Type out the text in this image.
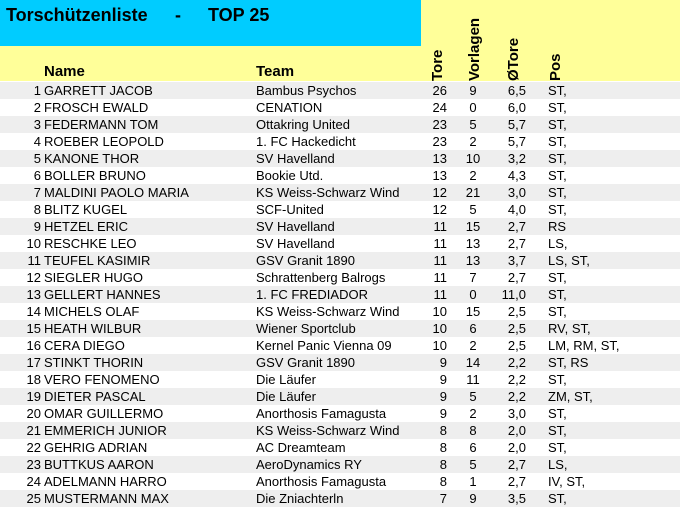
Torschützenliste - TOP 25
Name	Team	Tore Vorlagen ØTore Pos
1 GARRETT JACOB	Bambus Psychos	26	9	6,5 ST,
2 FROSCH EWALD	CENATION	24	0	6,0 ST,
3 FEDERMANN TOM	Ottakring United	23	5	5,7 ST,
4 ROEBER LEOPOLD	1. FC Hackedicht	23	2	5,7 ST,
5 KANONE THOR	SV Havelland	13 10	3,2 ST,
6 BOLLER BRUNO	Bookie Utd.	13	2	4,3 ST,
7 MALDINI PAOLO MARIA	KS Weiss-Schwarz Wind	12 21	3,0 ST,
8 BLITZ KUGEL	SCF-United	12	5	4,0 ST,
9 HETZEL ERIC	SV Havelland	11 15	2,7 RS
10 RESCHKE LEO	SV Havelland	11 13	2,7 LS,
11 TEUFEL KASIMIR	GSV Granit 1890	11 13	3,7 LS, ST,
12 SIEGLER HUGO	Schrattenberg Balrogs	11	7	2,7 ST,
13 GELLERT HANNES	1. FC FREDIADOR	11	0	11,0 ST,
14 MICHELS OLAF	KS Weiss-Schwarz Wind	10 15	2,5 ST,
15 HEATH WILBUR	Wiener Sportclub	10	6	2,5 RV, ST,
16 CERA DIEGO	Kernel Panic Vienna 09	10	2	2,5 LM, RM, ST,
17 STINKT THORIN	GSV Granit 1890	9 14	2,2 ST, RS
18 VERO FENOMENO	Die Läufer	9	11	2,2 ST,
19 DIETER PASCAL	Die Läufer	9	5	2,2 ZM, ST,
20 OMAR GUILLERMO	Anorthosis Famagusta	9	2	3,0 ST,
21 EMMERICH JUNIOR	KS Weiss-Schwarz Wind	8	8	2,0 ST,
22 GEHRIG ADRIAN	AC Dreamteam	8	6	2,0 ST,
23 BUTTKUS AARON	AeroDynamics RY	8	5	2,7 LS,
24 ADELMANN HARRO	Anorthosis Famagusta	8	1	2,7 IV, ST,
25 MUSTERMANN MAX	Die Zniachterln	7	9	3,5 ST,
